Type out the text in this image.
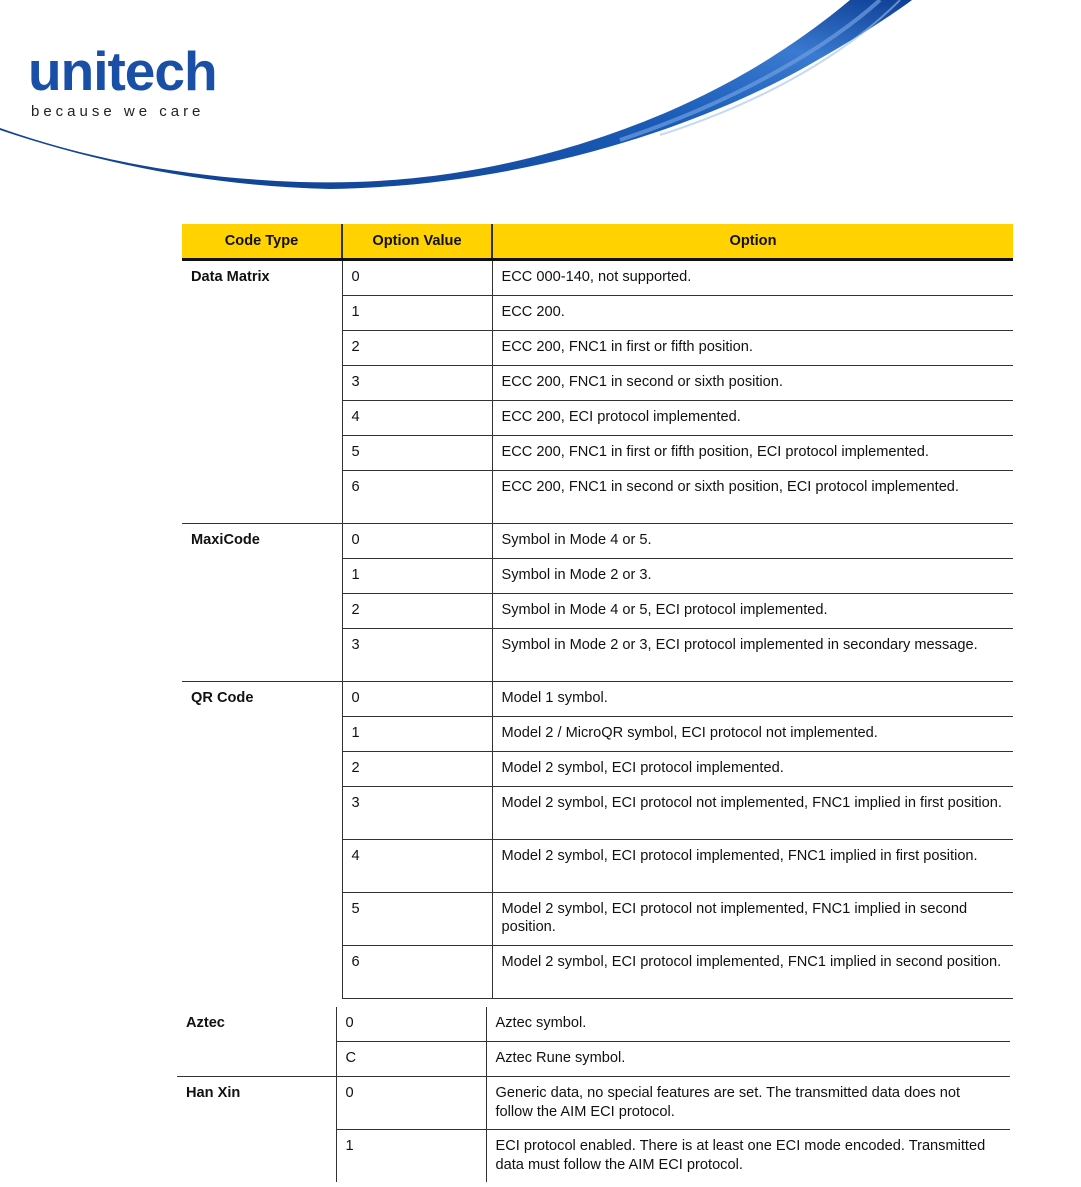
unitech
because we care
Code Type	Option Value	Option
Data Matrix	0	ECC 000-140, not supported.
	1	ECC 200.
	2	ECC 200, FNC1 in first or fifth position.
	3	ECC 200, FNC1 in second or sixth position.
	4	ECC 200, ECI protocol implemented.
	5	ECC 200, FNC1 in first or fifth position, ECI protocol implemented.
	6	ECC 200, FNC1 in second or sixth position, ECI protocol implemented.
MaxiCode	0	Symbol in Mode 4 or 5.
	1	Symbol in Mode 2 or 3.
	2	Symbol in Mode 4 or 5, ECI protocol implemented.
	3	Symbol in Mode 2 or 3, ECI protocol implemented in secondary message.
QR Code	0	Model 1 symbol.
	1	Model 2 / MicroQR symbol, ECI protocol not implemented.
	2	Model 2 symbol, ECI protocol implemented.
	3	Model 2 symbol, ECI protocol not implemented, FNC1 implied in first position.
	4	Model 2 symbol, ECI protocol implemented, FNC1 implied in first position.
	5	Model 2 symbol, ECI protocol not implemented, FNC1 implied in second position.
	6	Model 2 symbol, ECI protocol implemented, FNC1 implied in second position.
Aztec	0	Aztec symbol.
	C	Aztec Rune symbol.
Han Xin	0	Generic data, no special features are set. The transmitted data does not follow the AIM ECI protocol.
	1	ECI protocol enabled. There is at least one ECI mode encoded. Transmitted data must follow the AIM ECI protocol.
